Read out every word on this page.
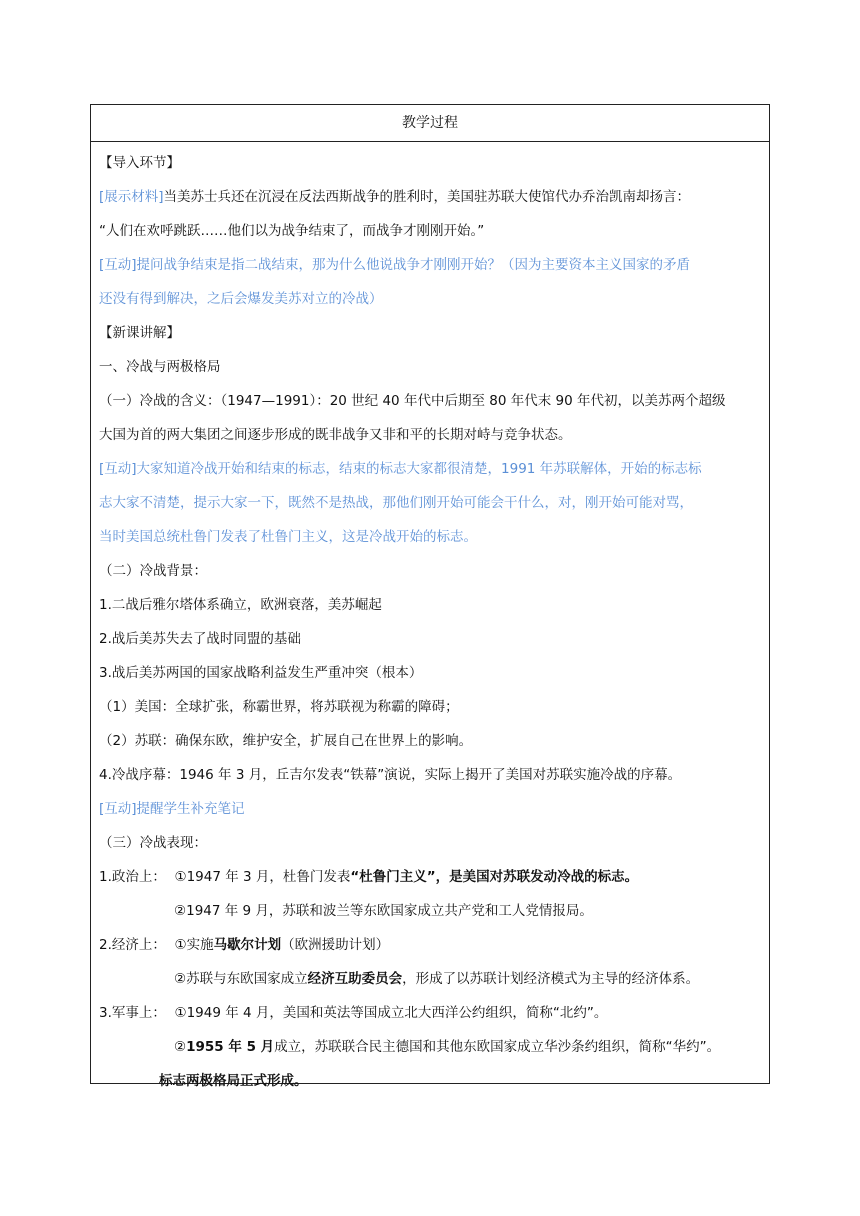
教学过程
【导入环节】
[展示材料]当美苏士兵还在沉浸在反法西斯战争的胜利时，美国驻苏联大使馆代办乔治凯南却扬言：
“人们在欢呼跳跃……他们以为战争结束了，而战争才刚刚开始。”
[互动]提问战争结束是指二战结束，那为什么他说战争才刚刚开始？（因为主要资本主义国家的矛盾
还没有得到解决，之后会爆发美苏对立的冷战）
【新课讲解】
一、冷战与两极格局
（一）冷战的含义：（1947—1991）：20 世纪 40 年代中后期至 80 年代末 90 年代初，以美苏两个超级
大国为首的两大集团之间逐步形成的既非战争又非和平的长期对峙与竞争状态。
[互动]大家知道冷战开始和结束的标志，结束的标志大家都很清楚，1991 年苏联解体，开始的标志标
志大家不清楚，提示大家一下，既然不是热战，那他们刚开始可能会干什么，对，刚开始可能对骂，
当时美国总统杜鲁门发表了杜鲁门主义，这是冷战开始的标志。
（二）冷战背景：
1.二战后雅尔塔体系确立，欧洲衰落，美苏崛起
2.战后美苏失去了战时同盟的基础
3.战后美苏两国的国家战略利益发生严重冲突（根本）
（1）美国：全球扩张，称霸世界，将苏联视为称霸的障碍；
（2）苏联：确保东欧，维护安全，扩展自己在世界上的影响。
4.冷战序幕：1946 年 3 月，丘吉尔发表“铁幕”演说，实际上揭开了美国对苏联实施冷战的序幕。
[互动]提醒学生补充笔记
（三）冷战表现：
1.政治上： ①1947 年 3 月，杜鲁门发表“杜鲁门主义”，是美国对苏联发动冷战的标志。
②1947 年 9 月，苏联和波兰等东欧国家成立共产党和工人党情报局。
2.经济上： ①实施马歇尔计划（欧洲援助计划）
②苏联与东欧国家成立经济互助委员会，形成了以苏联计划经济模式为主导的经济体系。
3.军事上： ①1949 年 4 月，美国和英法等国成立北大西洋公约组织，简称“北约”。
②1955 年 5 月成立，苏联联合民主德国和其他东欧国家成立华沙条约组织，简称“华约”。
标志两极格局正式形成。
